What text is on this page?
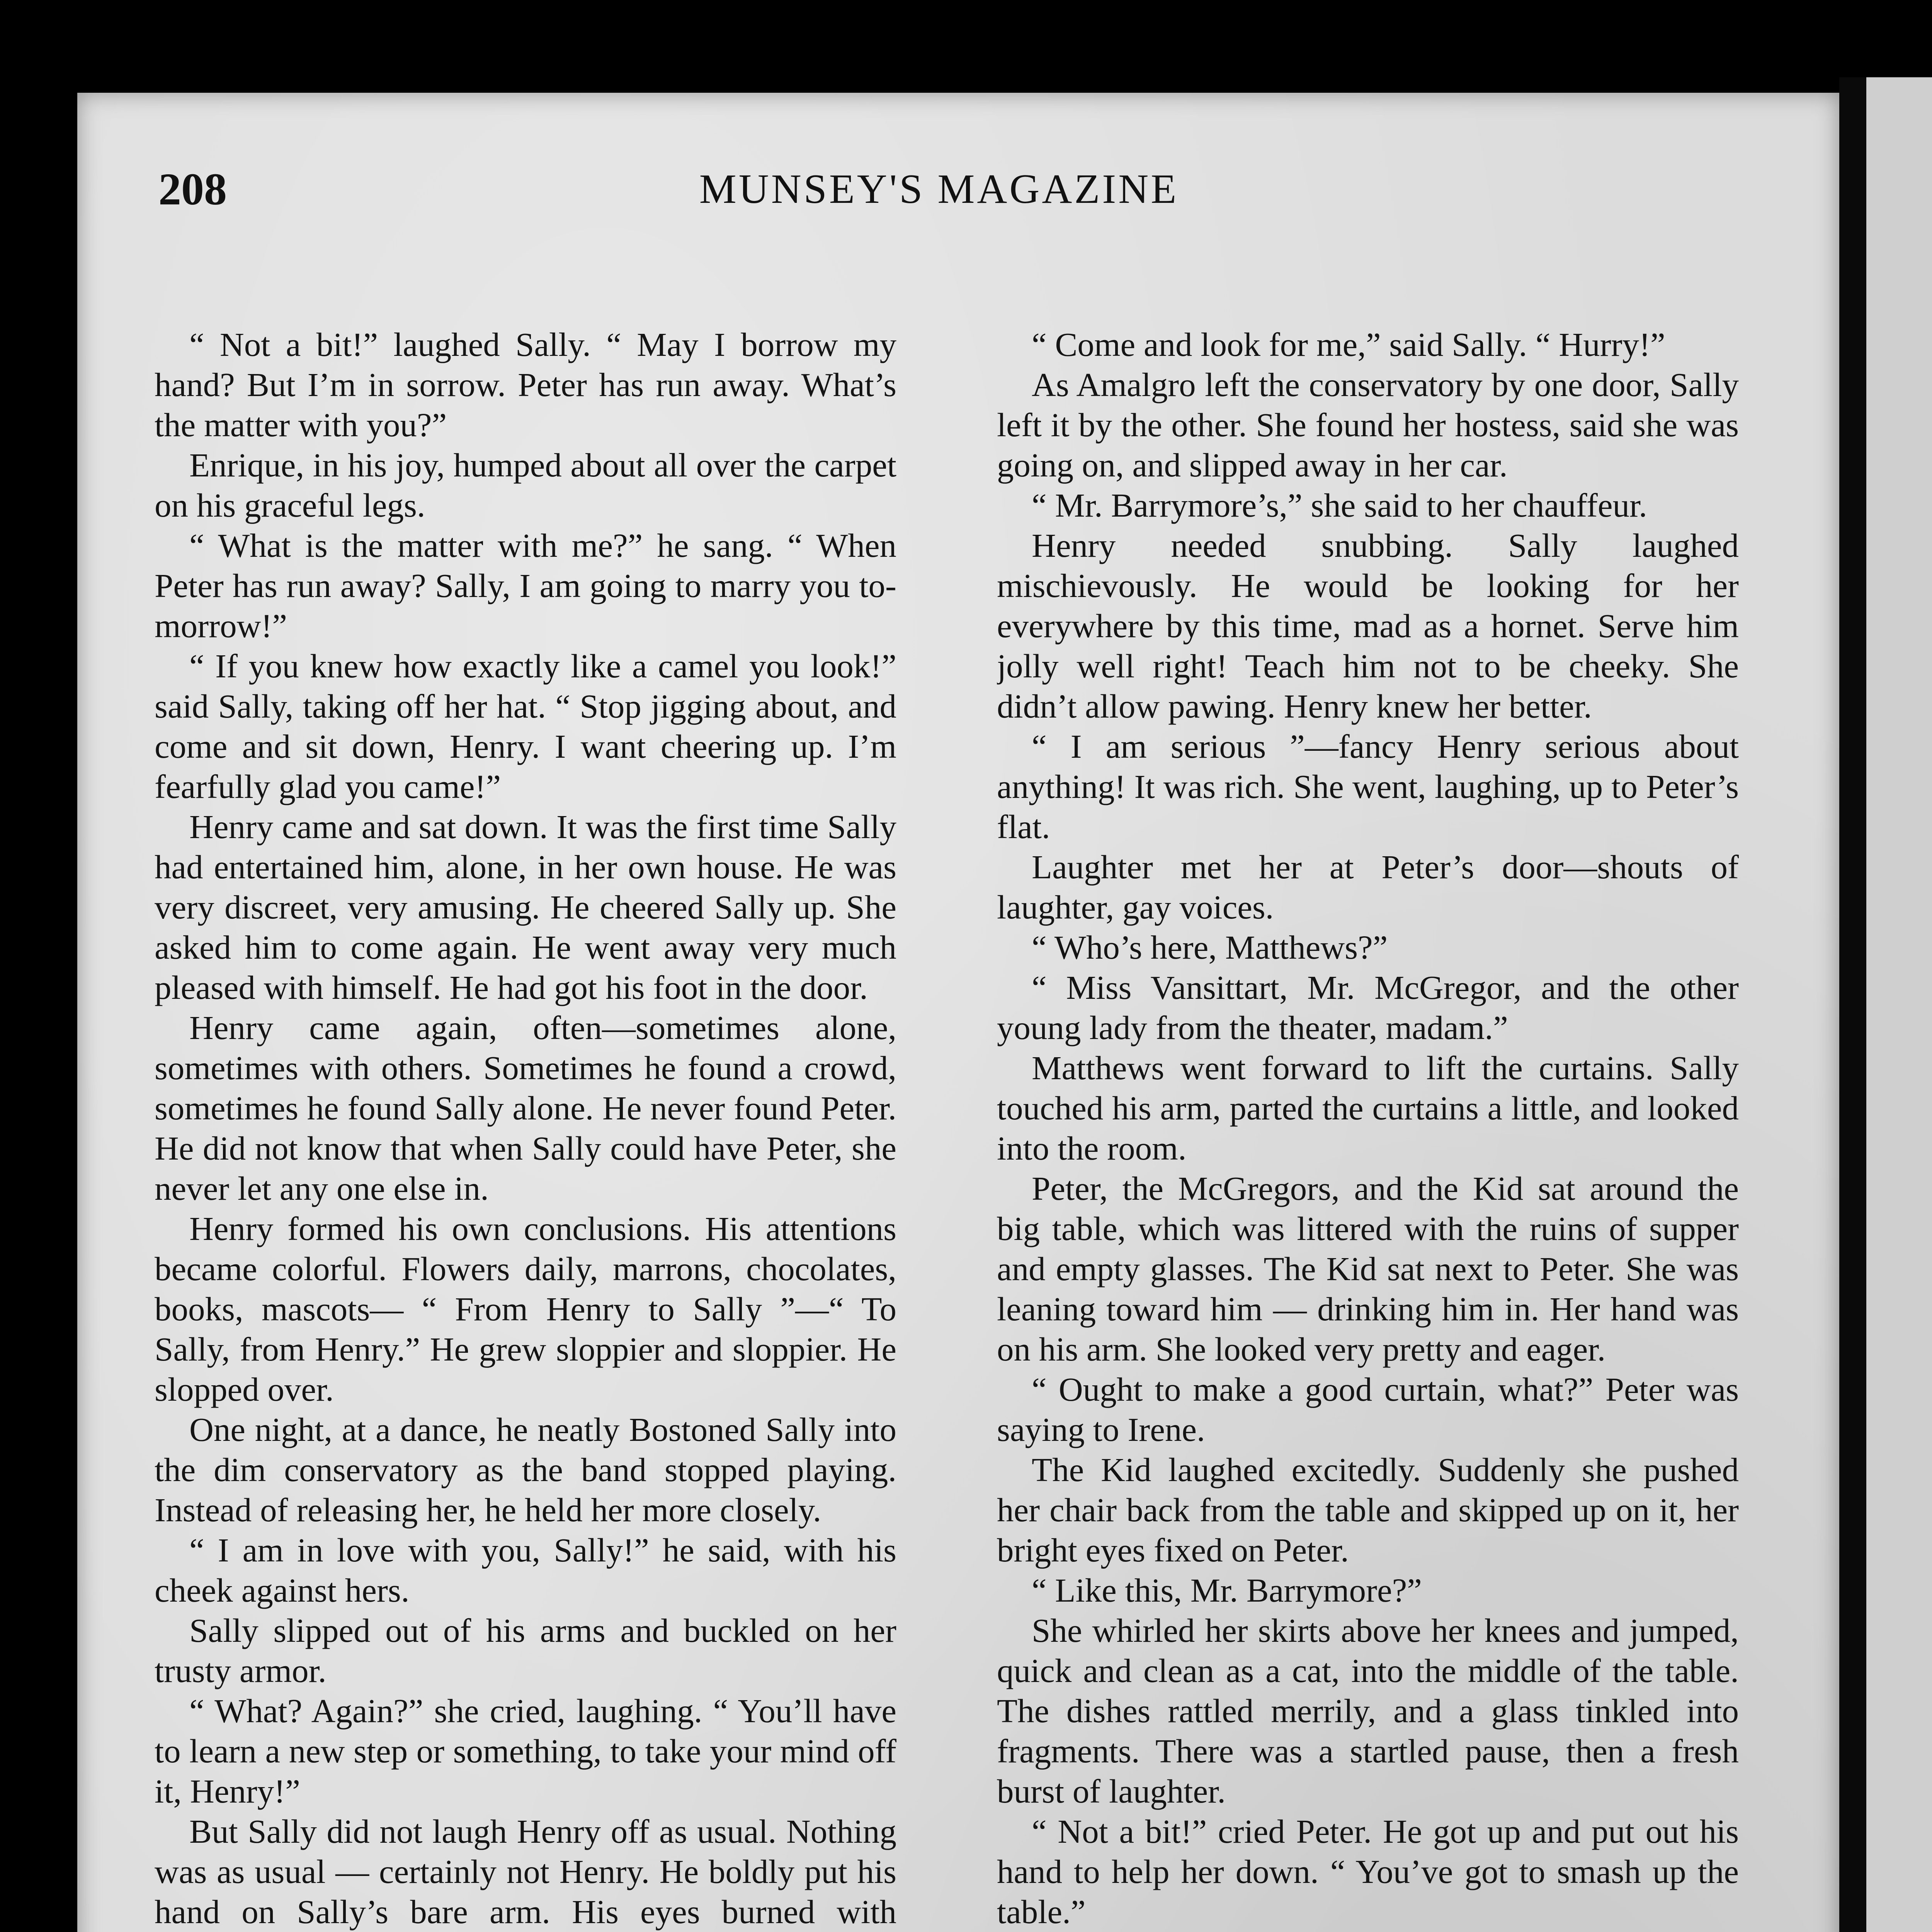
208	MUNSEY'S MAGAZINE

“ Not a bit!” laughed Sally. “ May I borrow my hand? But I’m in sorrow. Peter has run away. What’s the matter with you?”

Enrique, in his joy, humped about all over the carpet on his graceful legs.

“ What is the matter with me?” he sang. “ When Peter has run away? Sally, I am going to marry you to-morrow!”

“ If you knew how exactly like a camel you look!” said Sally, taking off her hat. “ Stop jigging about, and come and sit down, Henry. I want cheering up. I’m fearfully glad you came!”

Henry came and sat down. It was the first time Sally had entertained him, alone, in her own house. He was very discreet, very amusing. He cheered Sally up. She asked him to come again. He went away very much pleased with himself. He had got his foot in the door.

Henry came again, often—sometimes alone, sometimes with others. Sometimes he found a crowd, sometimes he found Sally alone. He never found Peter. He did not know that when Sally could have Peter, she never let any one else in.

Henry formed his own conclusions. His attentions became colorful. Flowers daily, marrons, chocolates, books, mascots— “ From Henry to Sally ”—“ To Sally, from Henry.” He grew sloppier and sloppier. He slopped over.

One night, at a dance, he neatly Bostoned Sally into the dim conservatory as the band stopped playing. Instead of releasing her, he held her more closely.

“ I am in love with you, Sally!” he said, with his cheek against hers.

Sally slipped out of his arms and buckled on her trusty armor.

“ What? Again?” she cried, laughing. “ You’ll have to learn a new step or something, to take your mind off it, Henry!”

But Sally did not laugh Henry off as usual. Nothing was as usual — certainly not Henry. He boldly put his hand on Sally’s bare arm. His eyes burned with

“ Come and look for me,” said Sally. “ Hurry!”

As Amalgro left the conservatory by one door, Sally left it by the other. She found her hostess, said she was going on, and slipped away in her car.

“ Mr. Barrymore’s,” she said to her chauffeur.

Henry needed snubbing. Sally laughed mischievously. He would be looking for her everywhere by this time, mad as a hornet. Serve him jolly well right! Teach him not to be cheeky. She didn’t allow pawing. Henry knew her better.

“ I am serious ”—fancy Henry serious about anything! It was rich. She went, laughing, up to Peter’s flat.

Laughter met her at Peter’s door—shouts of laughter, gay voices.

“ Who’s here, Matthews?”

“ Miss Vansittart, Mr. McGregor, and the other young lady from the theater, madam.”

Matthews went forward to lift the curtains. Sally touched his arm, parted the curtains a little, and looked into the room.

Peter, the McGregors, and the Kid sat around the big table, which was littered with the ruins of supper and empty glasses. The Kid sat next to Peter. She was leaning toward him — drinking him in. Her hand was on his arm. She looked very pretty and eager.

“ Ought to make a good curtain, what?” Peter was saying to Irene.

The Kid laughed excitedly. Suddenly she pushed her chair back from the table and skipped up on it, her bright eyes fixed on Peter.

“ Like this, Mr. Barrymore?”

She whirled her skirts above her knees and jumped, quick and clean as a cat, into the middle of the table. The dishes rattled merrily, and a glass tinkled into fragments. There was a startled pause, then a fresh burst of laughter.

“ Not a bit!” cried Peter. He got up and put out his hand to help her down. “ You’ve got to smash up the table.”
